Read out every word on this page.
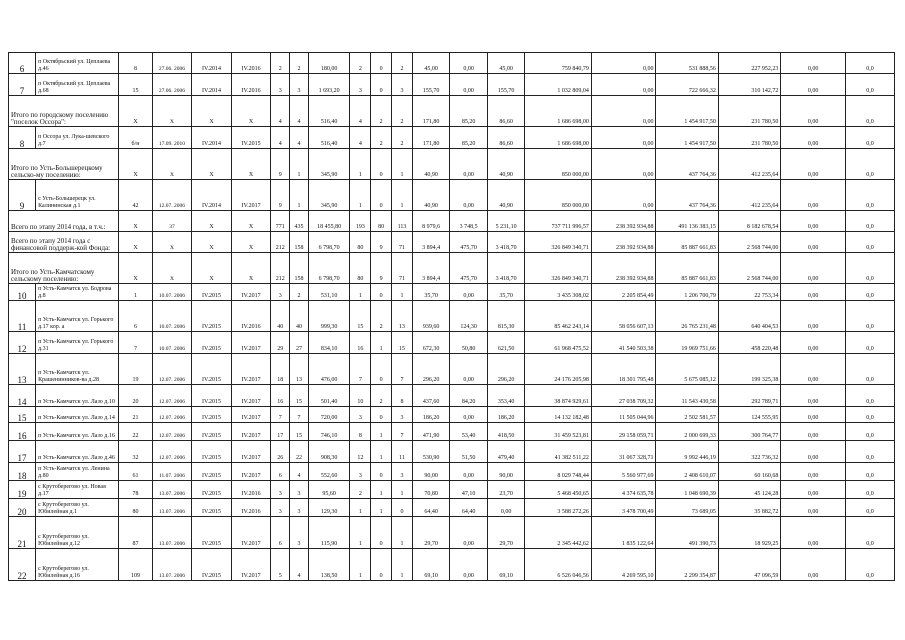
6	п Октябрьский ул. Цеплаева д.46	8	27.06. 2006	IV.2014	IV.2016	2	2	180,00	2	0	2	45,00	0,00	45,00	759 840,79	0,00	531 888,56	227 952,23	0,00	0,0
7	п Октябрьский ул. Цеплаева д.68	15	27.06. 2006	IV.2014	IV.2016	3	3	1 693,20	3	0	3	155,70	0,00	155,70	1 032 809,04	0,00	722 666,32	310 142,72	0,00	0,0
Итого по городскому поселению "поселок Оссора":		X	X	X	X	4	4	516,40	4	2	2	171,80	85,20	86,60	1 686 698,00	0,00	1 454 917,50	231 780,50	0,00	0,0
8	п Оссора ул. Лука-шевского д.7	б/н	17.09. 2010	IV.2014	IV.2015	4	4	516,40	4	2	2	171,80	85,20	86,60	1 686 698,00	0,00	1 454 917,50	231 780,50	0,00	0,0
Итого по Усть-Большерецкому сельско-му поселению:		X	X	X	X	9	1	345,90	1	0	1	40,90	0,00	40,90	850 000,00	0,00	437 764,36	412 235,64	0,00	0,0
9	с Усть-Большерецк ул. Калининская д.1	42	12.07. 2006	IV.2014	IV.2017	9	1	345,90	1	0	1	40,90	0,00	40,90	850 000,00	0,00	437 764,36	412 235,64	0,00	0,0
Всего по этапу 2014 года, в т.ч.:		X	37	X	X	771	435	18 455,80	193	80	113	8 979,6	3 748,5	5 231,10	737 711 996,57	238 392 934,88	491 136 383,15	8 182 678,54	0,00	0,0
Всего по этапу 2014 года с финансовой поддерж-кой Фонда:		X	X	X	X	212	158	6 798,70	80	9	71	3 894,4	475,70	3 418,70	326 849 340,71	238 392 934,88	85 887 661,83	2 568 744,00	0,00	0,0
Итого по Усть-Камчатскому сельскому поселению:		X	X	X	X	212	158	6 798,70	80	9	71	3 894,4	475,70	3 418,70	326 849 340,71	238 392 934,88	85 887 661,83	2 568 744,00	0,00	0,0
10	п Усть-Камчатск ул. Бодрова д.8	1	10.07. 2006	IV.2015	IV.2017	3	2	531,10	1	0	1	35,70	0,00	35,70	3 435 308,02	2 205 854,49	1 206 700,79	22 753,34	0,00	0,0
11	п Усть-Камчатск ул. Горького д.17 кор. а	6	10.07. 2006	IV.2015	IV.2016	40	40	999,30	15	2	13	939,60	124,30	815,30	85 462 243,14	58 056 607,13	26 765 231,48	640 404,53	0,00	0,0
12	п Усть-Камчатск ул. Горького д.31	7	10.07. 2006	IV.2015	IV.2017	29	27	834,10	16	1	15	672,30	50,80	621,50	61 968 475,52	41 540 503,38	19 969 751,66	458 220,48	0,00	0,0
13	п Усть-Камчатск ул. Крашенинников-ва д.28	19	12.07. 2006	IV.2015	IV.2017	18	13	476,00	7	0	7	296,20	0,00	296,20	24 176 205,98	18 301 795,48	5 675 085,12	199 325,38	0,00	0,0
14	п Усть-Камчатск ул. Лазо д.10	20	12.07. 2006	IV.2015	IV.2017	16	15	501,40	10	2	8	437,60	84,20	353,40	38 874 929,61	27 038 709,32	11 543 430,58	292 789,71	0,00	0,0
15	п Усть-Камчатск ул. Лазо д.14	21	12.07. 2006	IV.2015	IV.2017	7	7	720,00	3	0	3	186,20	0,00	186,20	14 132 182,48	11 505 044,96	2 502 581,57	124 555,95	0,00	0,0
16	п Усть-Камчатск ул. Лазо д.16	22	12.07. 2006	IV.2015	IV.2017	17	15	746,10	8	1	7	471,90	53,40	418,50	31 459 523,81	29 158 059,71	2 000 699,33	300 764,77	0,00	0,0
17	п Усть-Камчатск ул. Лазо д.46	32	12.07. 2006	IV.2015	IV.2017	26	22	908,30	12	1	11	530,90	51,50	479,40	41 382 511,22	31 067 328,71	9 992 446,19	322 736,32	0,00	0,0
18	п Усть-Камчатск ул. Ленина д.80	61	11.07. 2006	IV.2015	IV.2017	6	4	552,60	3	0	3	90,00	0,00	90,00	8 029 748,44	5 560 977,69	2 408 610,07	60 160,68	0,00	0,0
19	с Крутоберегово ул. Новая д.17	78	13.07. 2006	IV.2015	IV.2016	3	3	95,60	2	1	1	70,80	47,10	23,70	5 468 450,65	4 374 635,78	1 048 690,39	45 124,28	0,00	0,0
20	с Крутоберегово ул. Юбилейная д.1	80	13.07. 2006	IV.2015	IV.2016	3	3	129,30	1	1	0	64,40	64,40	0,00	3 588 272,26	3 478 700,49	73 689,05	35 882,72	0,00	0,0
21	с Крутоберегово ул. Юбилейная д.12	87	13.07. 2006	IV.2015	IV.2017	6	3	115,90	1	0	1	29,70	0,00	29,70	2 345 442,62	1 835 122,64	491 390,73	18 929,25	0,00	0,0
22	с Крутоберегово ул. Юбилейная д.16	109	13.07. 2006	IV.2015	IV.2017	5	4	138,50	1	0	1	69,10	0,00	69,10	6 526 046,56	4 269 595,10	2 299 354,87	47 096,59	0,00	0,0
